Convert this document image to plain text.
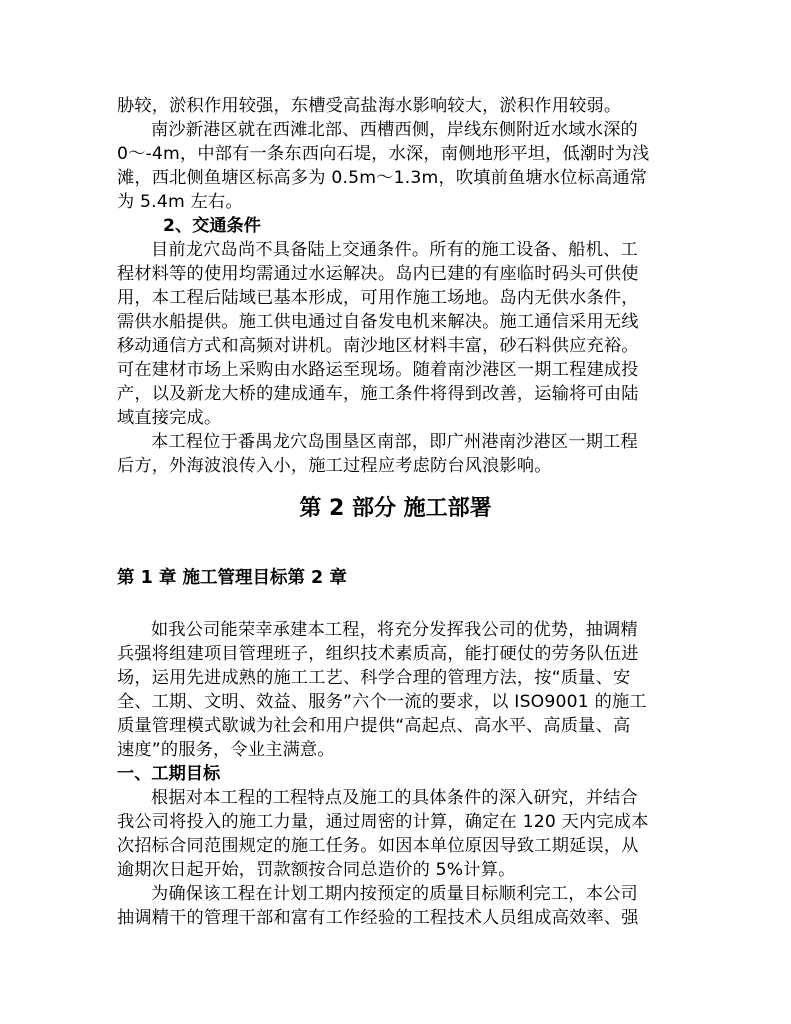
胁较，淤积作用较强，东槽受高盐海水影响较大，淤积作用较弱。
南沙新港区就在西滩北部、西槽西侧，岸线东侧附近水域水深的
0～-4m，中部有一条东西向石堤，水深，南侧地形平坦，低潮时为浅
滩，西北侧鱼塘区标高多为 0.5m～1.3m，吹填前鱼塘水位标高通常
为 5.4m 左右。
2、交通条件
目前龙穴岛尚不具备陆上交通条件。所有的施工设备、船机、工
程材料等的使用均需通过水运解决。岛内已建的有座临时码头可供使
用，本工程后陆域已基本形成，可用作施工场地。岛内无供水条件，
需供水船提供。施工供电通过自备发电机来解决。施工通信采用无线
移动通信方式和高频对讲机。南沙地区材料丰富，砂石料供应充裕。
可在建材市场上采购由水路运至现场。随着南沙港区一期工程建成投
产，以及新龙大桥的建成通车，施工条件将得到改善，运输将可由陆
域直接完成。
本工程位于番禺龙穴岛围垦区南部，即广州港南沙港区一期工程
后方，外海波浪传入小，施工过程应考虑防台风浪影响。
第 2 部分 施工部署
第 1 章 施工管理目标第 2 章
如我公司能荣幸承建本工程，将充分发挥我公司的优势，抽调精
兵强将组建项目管理班子，组织技术素质高，能打硬仗的劳务队伍进
场，运用先进成熟的施工工艺、科学合理的管理方法，按“质量、安
全、工期、文明、效益、服务”六个一流的要求，以 ISO9001 的施工
质量管理模式歇诚为社会和用户提供“高起点、高水平、高质量、高
速度”的服务，令业主满意。
一、工期目标
根据对本工程的工程特点及施工的具体条件的深入研究，并结合
我公司将投入的施工力量，通过周密的计算，确定在 120 天内完成本
次招标合同范围规定的施工任务。如因本单位原因导致工期延误，从
逾期次日起开始，罚款额按合同总造价的 5%计算。
为确保该工程在计划工期内按预定的质量目标顺利完工，本公司
抽调精干的管理干部和富有工作经验的工程技术人员组成高效率、强
